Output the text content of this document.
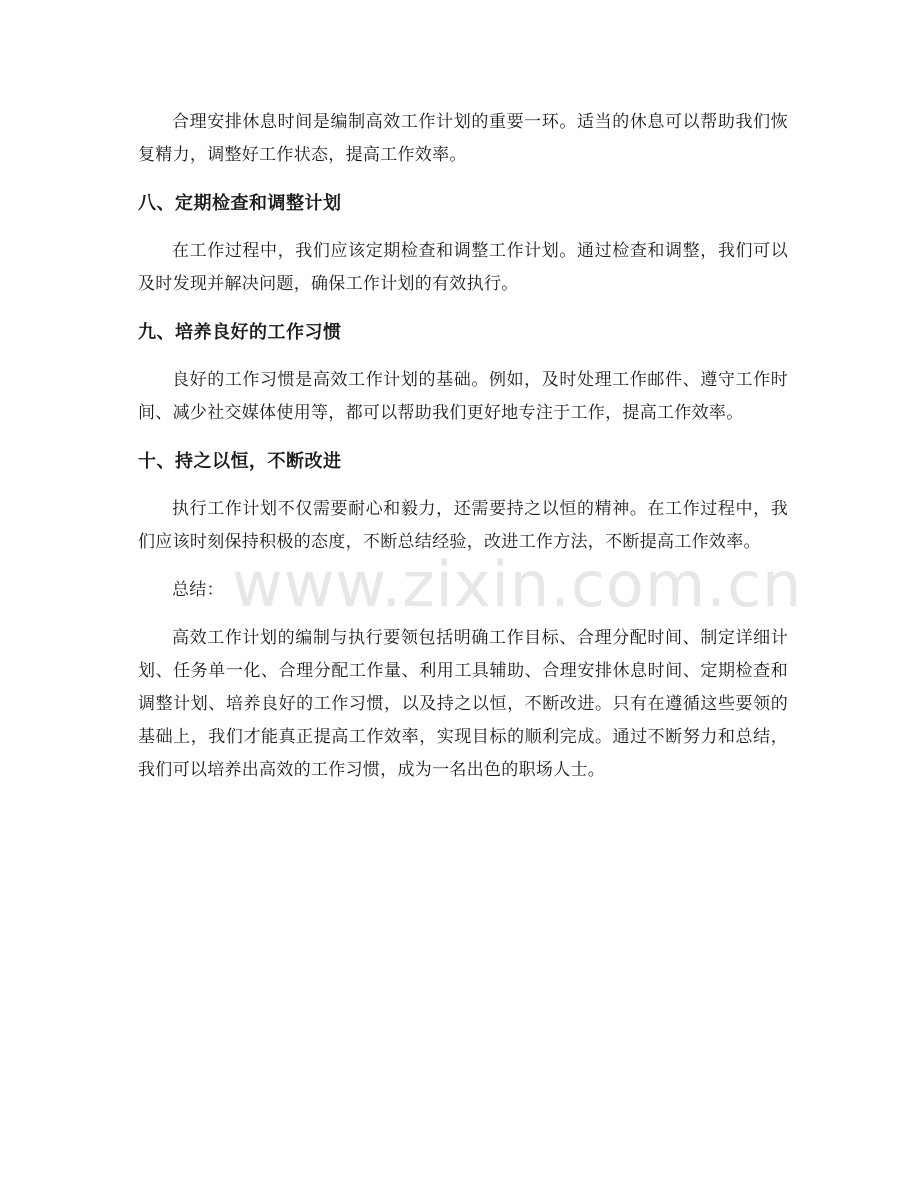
www.zixin.com.cn

合理安排休息时间是编制高效工作计划的重要一环。适当的休息可以帮助我们恢复精力，调整好工作状态，提高工作效率。

八、定期检查和调整计划

在工作过程中，我们应该定期检查和调整工作计划。通过检查和调整，我们可以及时发现并解决问题，确保工作计划的有效执行。

九、培养良好的工作习惯

良好的工作习惯是高效工作计划的基础。例如，及时处理工作邮件、遵守工作时间、减少社交媒体使用等，都可以帮助我们更好地专注于工作，提高工作效率。

十、持之以恒，不断改进

执行工作计划不仅需要耐心和毅力，还需要持之以恒的精神。在工作过程中，我们应该时刻保持积极的态度，不断总结经验，改进工作方法，不断提高工作效率。

总结：

高效工作计划的编制与执行要领包括明确工作目标、合理分配时间、制定详细计划、任务单一化、合理分配工作量、利用工具辅助、合理安排休息时间、定期检查和调整计划、培养良好的工作习惯，以及持之以恒，不断改进。只有在遵循这些要领的基础上，我们才能真正提高工作效率，实现目标的顺利完成。通过不断努力和总结，我们可以培养出高效的工作习惯，成为一名出色的职场人士。
